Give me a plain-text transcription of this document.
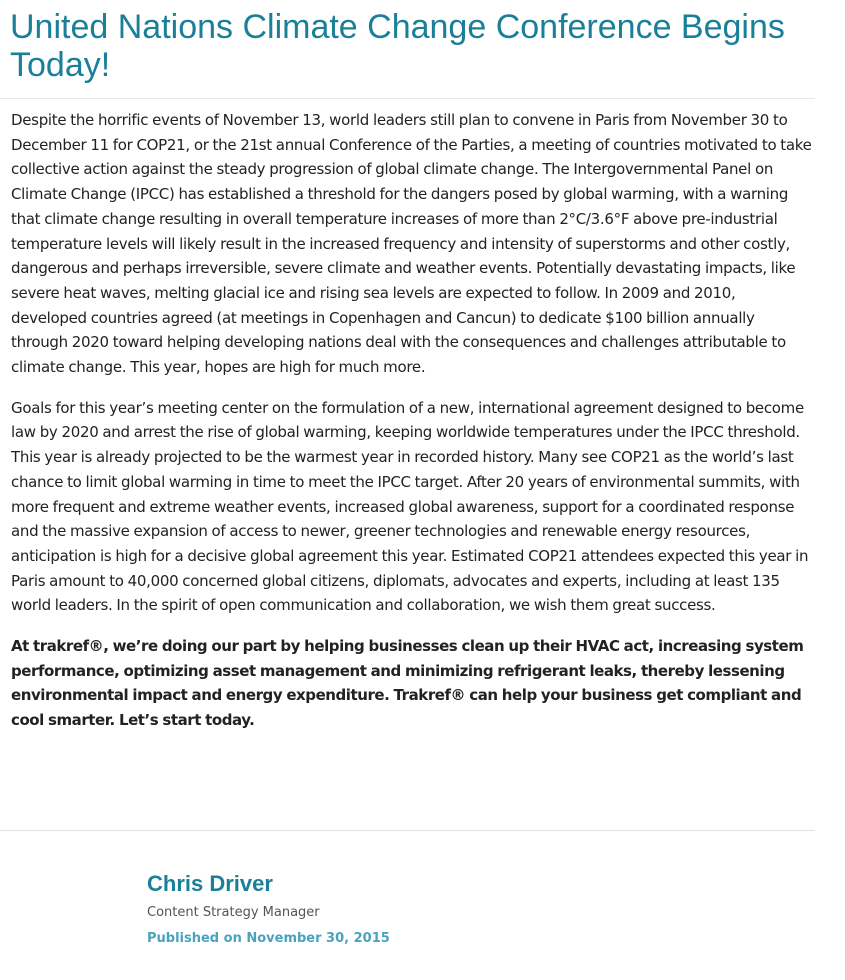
United Nations Climate Change Conference Begins Today!

Despite the horrific events of November 13, world leaders still plan to convene in Paris from November 30 to December 11 for COP21, or the 21st annual Conference of the Parties, a meeting of countries motivated to take collective action against the steady progression of global climate change. The Intergovernmental Panel on Climate Change (IPCC) has established a threshold for the dangers posed by global warming, with a warning that climate change resulting in overall temperature increases of more than 2°C/3.6°F above pre-industrial temperature levels will likely result in the increased frequency and intensity of superstorms and other costly, dangerous and perhaps irreversible, severe climate and weather events. Potentially devastating impacts, like severe heat waves, melting glacial ice and rising sea levels are expected to follow. In 2009 and 2010, developed countries agreed (at meetings in Copenhagen and Cancun) to dedicate $100 billion annually through 2020 toward helping developing nations deal with the consequences and challenges attributable to climate change. This year, hopes are high for much more.

Goals for this year’s meeting center on the formulation of a new, international agreement designed to become law by 2020 and arrest the rise of global warming, keeping worldwide temperatures under the IPCC threshold. This year is already projected to be the warmest year in recorded history. Many see COP21 as the world’s last chance to limit global warming in time to meet the IPCC target. After 20 years of environmental summits, with more frequent and extreme weather events, increased global awareness, support for a coordinated response and the massive expansion of access to newer, greener technologies and renewable energy resources, anticipation is high for a decisive global agreement this year. Estimated COP21 attendees expected this year in Paris amount to 40,000 concerned global citizens, diplomats, advocates and experts, including at least 135 world leaders. In the spirit of open communication and collaboration, we wish them great success.

At trakref®, we’re doing our part by helping businesses clean up their HVAC act, increasing system performance, optimizing asset management and minimizing refrigerant leaks, thereby lessening environmental impact and energy expenditure. Trakref® can help your business get compliant and cool smarter. Let’s start today.

Chris Driver
Content Strategy Manager
Published on November 30, 2015
